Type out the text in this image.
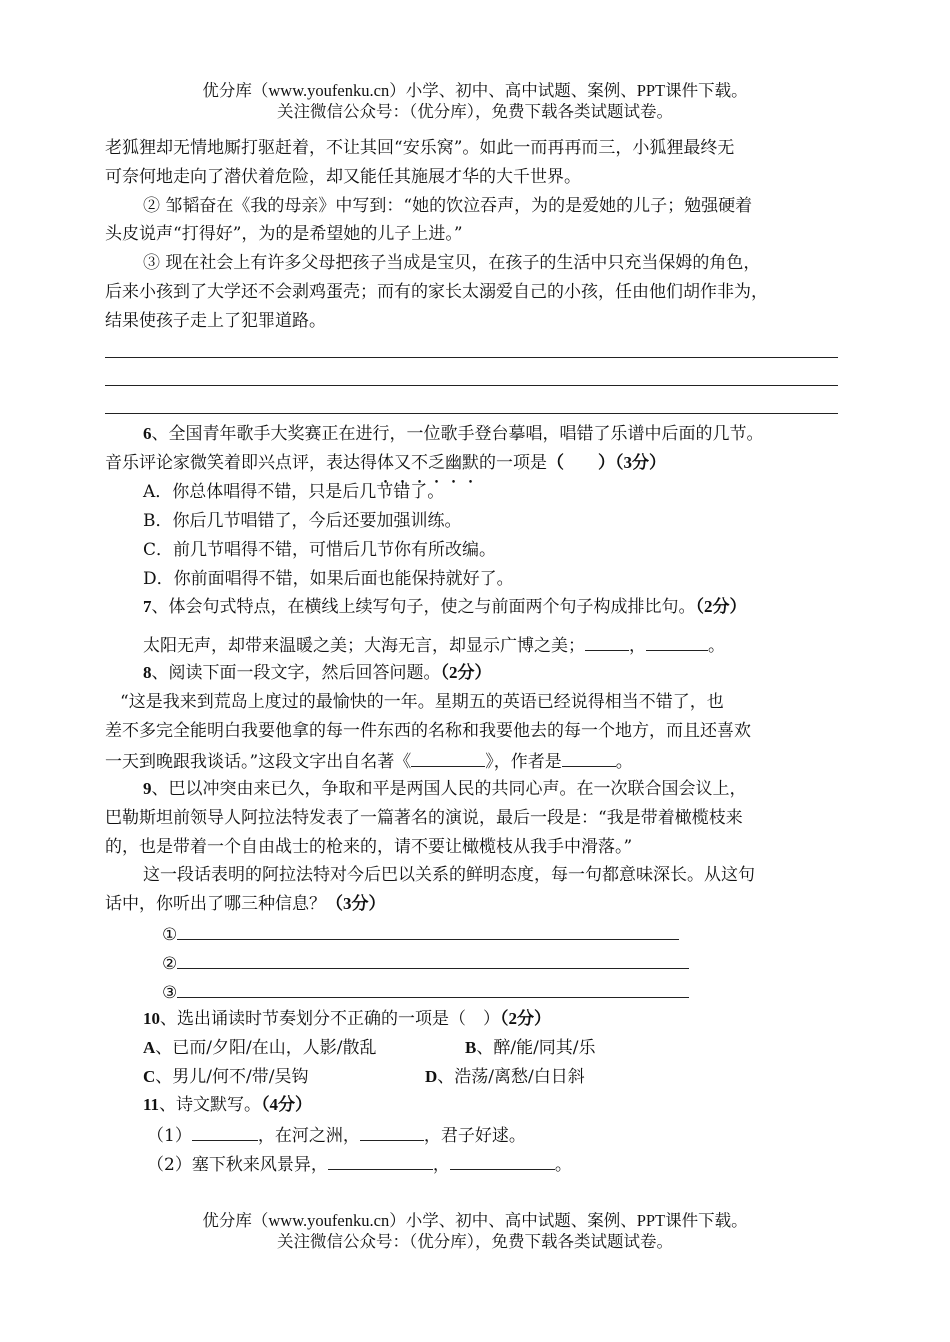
优分库（www.youfenku.cn）小学、初中、高中试题、案例、PPT课件下载。
关注微信公众号：（优分库），免费下载各类试题试卷。
老狐狸却无情地厮打驱赶着，不让其回“安乐窝”。如此一而再再而三，小狐狸最终无
可奈何地走向了潜伏着危险，却又能任其施展才华的大千世界。
② 邹韬奋在《我的母亲》中写到：“她的饮泣吞声，为的是爱她的儿子；勉强硬着
头皮说声“打得好”，为的是希望她的儿子上进。”
③ 现在社会上有许多父母把孩子当成是宝贝，在孩子的生活中只充当保姆的角色，
后来小孩到了大学还不会剥鸡蛋壳；而有的家长太溺爱自己的小孩，任由他们胡作非为，
结果使孩子走上了犯罪道路。
6、全国青年歌手大奖赛正在进行，一位歌手登台摹唱，唱错了乐谱中后面的几节。
音乐评论家微笑着即兴点评，表达得体又不乏幽默的一项是（　　）（3分）
A．你总体唱得不错，只是后几节错了。
B．你后几节唱错了，今后还要加强训练。
C．前几节唱得不错，可惜后几节你有所改编。
D．你前面唱得不错，如果后面也能保持就好了。
7、体会句式特点，在横线上续写句子，使之与前面两个句子构成排比句。（2分）
太阳无声，却带来温暖之美；大海无言，却显示广博之美；	，	。
8、阅读下面一段文字，然后回答问题。（2分）
“这是我来到荒岛上度过的最愉快的一年。星期五的英语已经说得相当不错了，也
差不多完全能明白我要他拿的每一件东西的名称和我要他去的每一个地方，而且还喜欢
一天到晚跟我谈话。”这段文字出自名著《	》，作者是	。
9、巴以冲突由来已久，争取和平是两国人民的共同心声。在一次联合国会议上，
巴勒斯坦前领导人阿拉法特发表了一篇著名的演说，最后一段是：“我是带着橄榄枝来
的，也是带着一个自由战士的枪来的，请不要让橄榄枝从我手中滑落。”
这一段话表明的阿拉法特对今后巴以关系的鲜明态度，每一句都意味深长。从这句
话中，你听出了哪三种信息？（3分）
①
②
③
10、选出诵读时节奏划分不正确的一项是（　）（2分）
A、已而/夕阳/在山，人影/散乱	B、醉/能/同其/乐
C、男儿/何不/带/吴钩	D、浩荡/离愁/白日斜
11、诗文默写。（4分）
（1）	，在河之洲，	，君子好逑。
（2）塞下秋来风景异，	，	。
优分库（www.youfenku.cn）小学、初中、高中试题、案例、PPT课件下载。
关注微信公众号：（优分库），免费下载各类试题试卷。
